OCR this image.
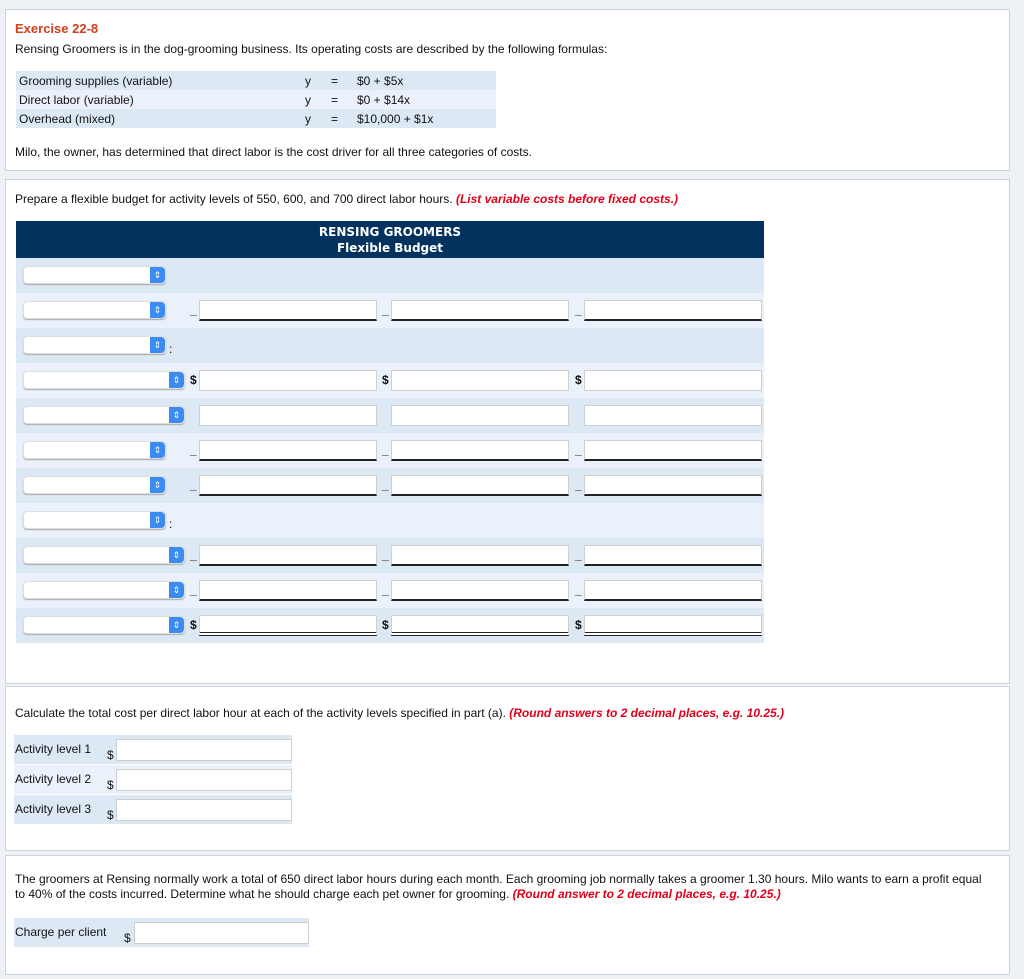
Exercise 22-8
Rensing Groomers is in the dog-grooming business. Its operating costs are described by the following formulas:
Grooming supplies (variable)	y	=	$0 + $5x
Direct labor (variable)	y	=	$0 + $14x
Overhead (mixed)	y	=	$10,000 + $1x
Milo, the owner, has determined that direct labor is the cost driver for all three categories of costs.
Prepare a flexible budget for activity levels of 550, 600, and 700 direct labor hours. (List variable costs before fixed costs.)
RENSING GROOMERS
Flexible Budget
⇕
⇕	_	_	_
⇕ :
⇕ $	$	$
⇕
⇕	_	_	_
⇕	_	_	_
⇕ :
⇕ _	_	_
⇕ _	_	_
⇕ $	$	$
Calculate the total cost per direct labor hour at each of the activity levels specified in part (a). (Round answers to 2 decimal places, e.g. 10.25.)
Activity level 1 $
Activity level 2 $
Activity level 3 $
The groomers at Rensing normally work a total of 650 direct labor hours during each month. Each grooming job normally takes a groomer 1.30 hours. Milo wants to earn a profit equal to 40% of the costs incurred. Determine what he should charge each pet owner for grooming. (Round answer to 2 decimal places, e.g. 10.25.)
Charge per client $
